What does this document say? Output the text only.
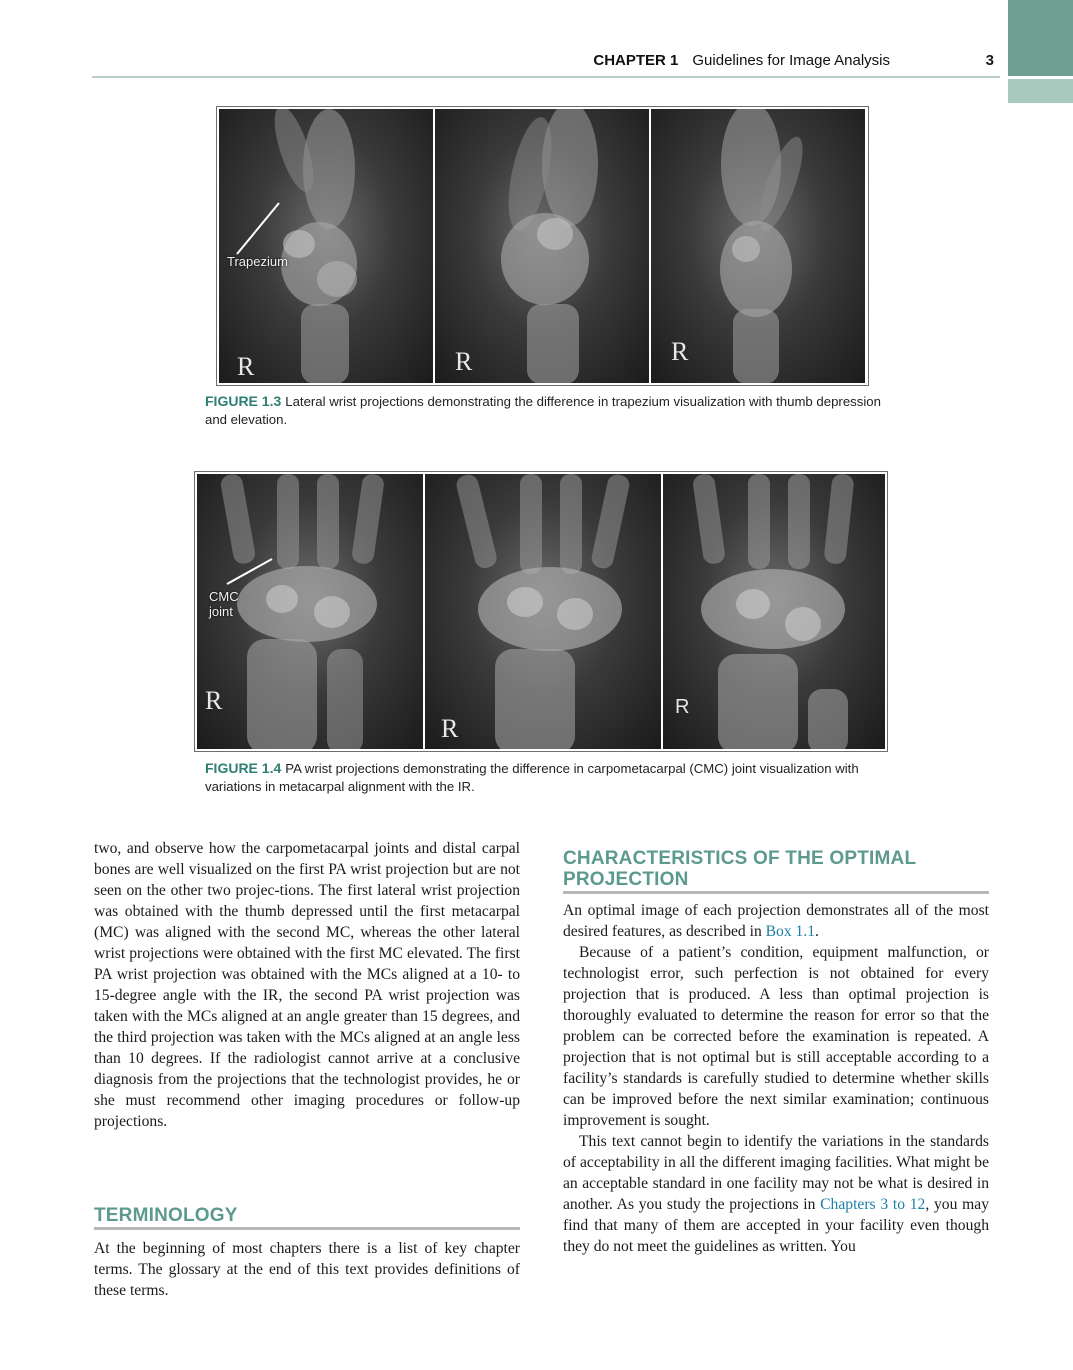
CHAPTER 1 Guidelines for Image Analysis	3
Trapezium
R	R	R
FIGURE 1.3 Lateral wrist projections demonstrating the difference in trapezium visualization with thumb depression and elevation.
CMC
joint
R
R
R
FIGURE 1.4 PA wrist projections demonstrating the difference in carpometacarpal (CMC) joint visualization with variations in metacarpal alignment with the IR.

two, and observe how the carpometacarpal joints and distal carpal bones are well visualized on the first PA wrist projection but are not seen on the other two projec-tions. The first lateral wrist projection was obtained with the thumb depressed until the first metacarpal (MC) was aligned with the second MC, whereas the other lateral wrist projections were obtained with the first MC elevated. The first PA wrist projection was obtained with the MCs aligned at a 10- to 15-degree angle with the IR, the second PA wrist projection was taken with the MCs aligned at an angle greater than 15 degrees, and the third projection was taken with the MCs aligned at an angle less than 10 degrees. If the radiologist cannot arrive at a conclusive diagnosis from the projections that the technologist provides, he or she must recommend other imaging procedures or follow-up projections.

TERMINOLOGY

At the beginning of most chapters there is a list of key chapter terms. The glossary at the end of this text provides definitions of these terms.

CHARACTERISTICS OF THE OPTIMAL
PROJECTION

An optimal image of each projection demonstrates all of the most desired features, as described in Box 1.1.

Because of a patient’s condition, equipment malfunction, or technologist error, such perfection is not obtained for every projection that is produced. A less than optimal projection is thoroughly evaluated to determine the reason for error so that the problem can be corrected before the examination is repeated. A projection that is not optimal but is still acceptable according to a facility’s standards is carefully studied to determine whether skills can be improved before the next similar examination; continuous improvement is sought.

This text cannot begin to identify the variations in the standards of acceptability in all the different imaging facilities. What might be an acceptable standard in one facility may not be what is desired in another. As you study the projections in Chapters 3 to 12, you may find that many of them are accepted in your facility even though they do not meet the guidelines as written. You
